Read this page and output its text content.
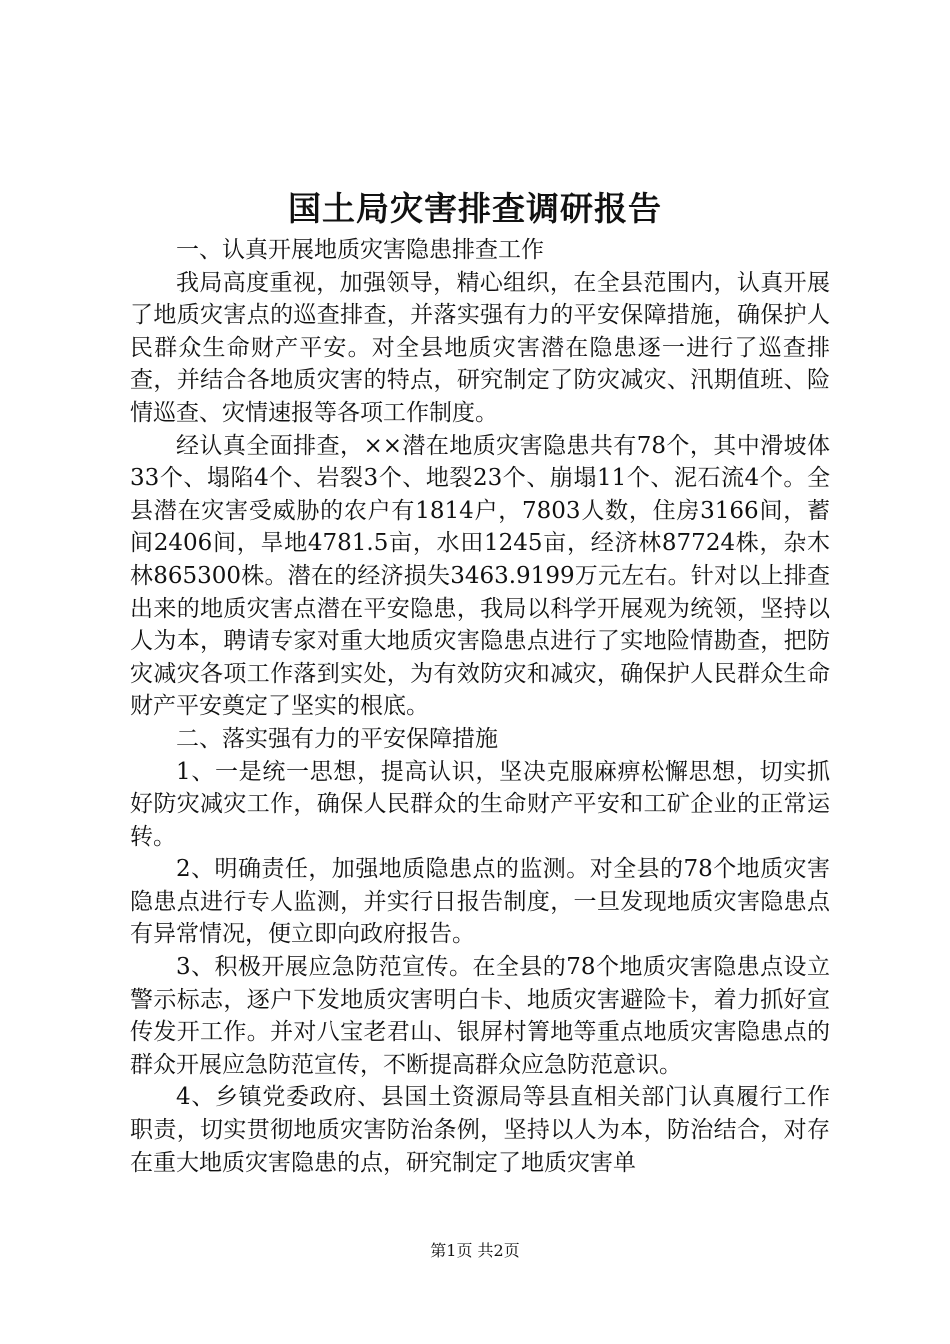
国土局灾害排查调研报告

一、认真开展地质灾害隐患排查工作

我局高度重视，加强领导，精心组织，在全县范围内，认真开展了地质灾害点的巡查排查，并落实强有力的平安保障措施，确保护人民群众生命财产平安。对全县地质灾害潜在隐患逐一进行了巡查排查，并结合各地质灾害的特点，研究制定了防灾减灾、汛期值班、险情巡查、灾情速报等各项工作制度。

经认真全面排查，××潜在地质灾害隐患共有78个，其中滑坡体33个、塌陷4个、岩裂3个、地裂23个、崩塌11个、泥石流4个。全县潜在灾害受威胁的农户有1814户，7803人数，住房3166间，蓄间2406间，旱地4781.5亩，水田1245亩，经济林87724株，杂木林865300株。潜在的经济损失3463.9199万元左右。针对以上排查出来的地质灾害点潜在平安隐患，我局以科学开展观为统领，坚持以人为本，聘请专家对重大地质灾害隐患点进行了实地险情勘查，把防灾减灾各项工作落到实处，为有效防灾和减灾，确保护人民群众生命财产平安奠定了坚实的根底。

二、落实强有力的平安保障措施

1、一是统一思想，提高认识，坚决克服麻痹松懈思想，切实抓好防灾减灾工作，确保人民群众的生命财产平安和工矿企业的正常运转。

2、明确责任，加强地质隐患点的监测。对全县的78个地质灾害隐患点进行专人监测，并实行日报告制度，一旦发现地质灾害隐患点有异常情况，便立即向政府报告。

3、积极开展应急防范宣传。在全县的78个地质灾害隐患点设立警示标志，逐户下发地质灾害明白卡、地质灾害避险卡，着力抓好宣传发开工作。并对八宝老君山、银屏村箐地等重点地质灾害隐患点的群众开展应急防范宣传，不断提高群众应急防范意识。

4、乡镇党委政府、县国土资源局等县直相关部门认真履行工作职责，切实贯彻地质灾害防治条例，坚持以人为本，防治结合，对存在重大地质灾害隐患的点，研究制定了地质灾害单

第1页 共2页
